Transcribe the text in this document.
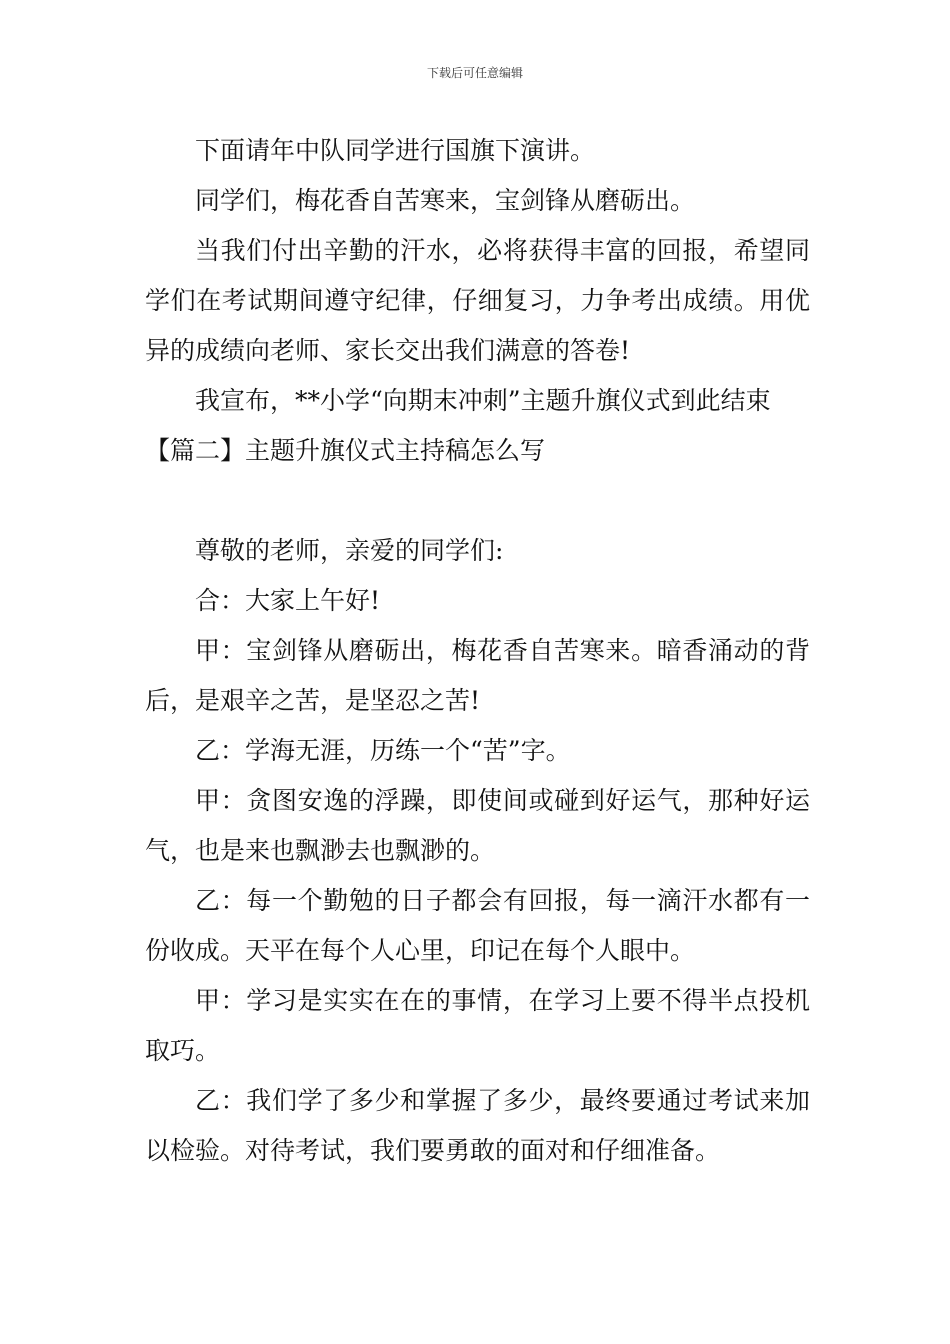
下载后可任意编辑

下面请年中队同学进行国旗下演讲。

同学们，梅花香自苦寒来，宝剑锋从磨砺出。

当我们付出辛勤的汗水，必将获得丰富的回报，希望同学们在考试期间遵守纪律，仔细复习，力争考出成绩。用优异的成绩向老师、家长交出我们满意的答卷!

我宣布，**小学“向期末冲刺”主题升旗仪式到此结束

【篇二】主题升旗仪式主持稿怎么写

尊敬的老师，亲爱的同学们:

合：大家上午好!

甲：宝剑锋从磨砺出，梅花香自苦寒来。暗香涌动的背后，是艰辛之苦，是坚忍之苦!

乙：学海无涯，历练一个“苦”字。

甲：贪图安逸的浮躁，即使间或碰到好运气，那种好运气，也是来也飘渺去也飘渺的。

乙：每一个勤勉的日子都会有回报，每一滴汗水都有一份收成。天平在每个人心里，印记在每个人眼中。

甲：学习是实实在在的事情，在学习上要不得半点投机取巧。

乙：我们学了多少和掌握了多少，最终要通过考试来加以检验。对待考试，我们要勇敢的面对和仔细准备。
